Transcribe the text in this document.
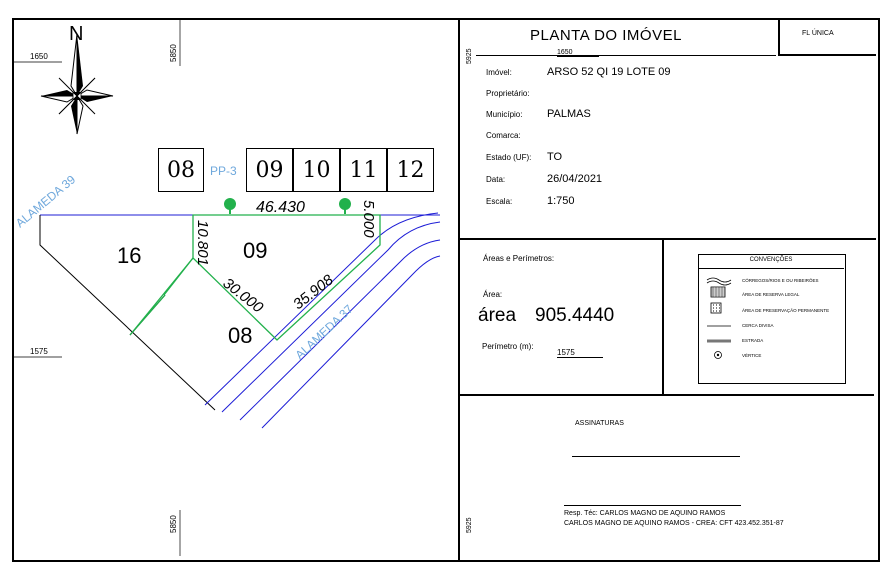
46.430
10.801
30.000 35.908
5.000
16	09
08
ALAMEDA 39
ALAMEDA 37
1650
1575
5850
5850
N
08	PP-3 09 10 11 12
FL ÚNICA
PLANTA DO IMÓVEL
1650
5925
Imóvel:	ARSO 52 QI 19 LOTE 09
Proprietário:
Município: PALMAS
Comarca:
Estado (UF): TO
Data:	26/04/2021
Escala:	1:750
Áreas e Perímetros:
Área:
área 905.4440
Perímetro (m):
1575
CONVENÇÕES
CÓRREGOS/RIOS E OU RIBEIRÕES
ÁREA DE RESERVA LEGAL
ÁREA DE PRESERVAÇÃO PERMANENTE
CERCA DIVISA
ESTRADA
VÉRTICE
ASSINATURAS
Resp. Téc: CARLOS MAGNO DE AQUINO RAMOS
CARLOS MAGNO DE AQUINO RAMOS - CREA: CFT 423.452.351-87
5925
